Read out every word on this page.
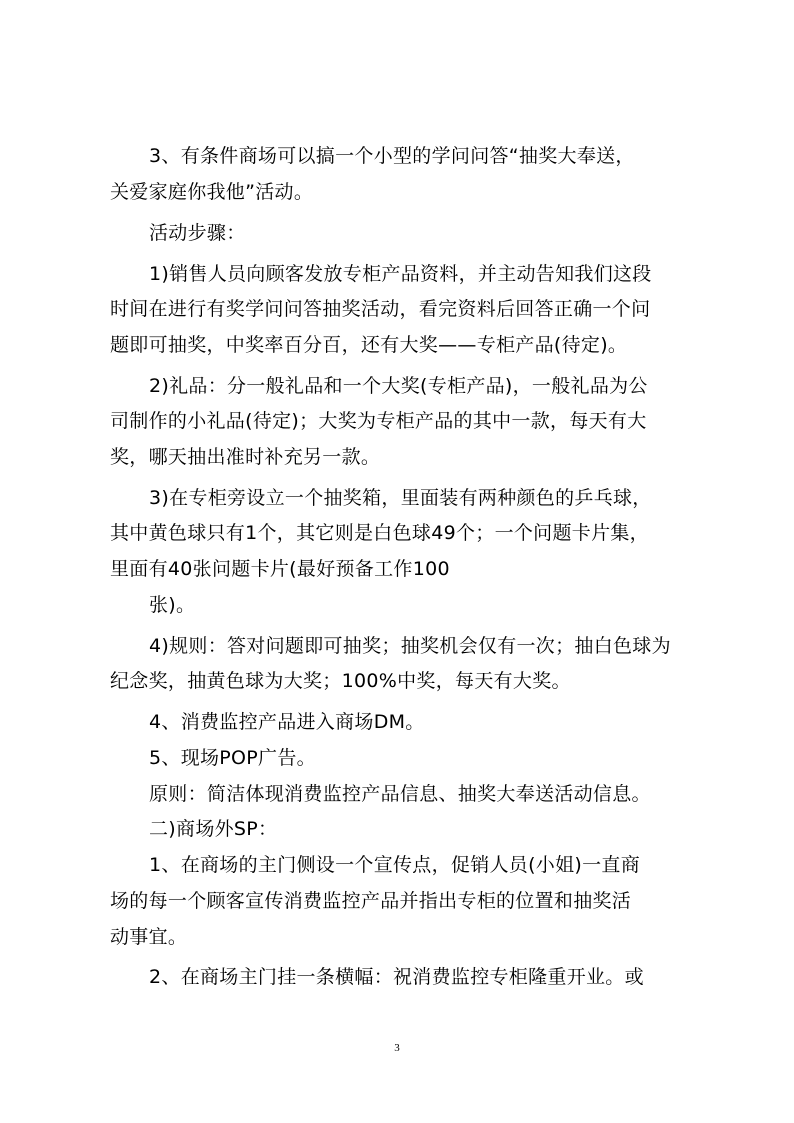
3、有条件商场可以搞一个小型的学问问答“抽奖大奉送，
关爱家庭你我他”活动。
活动步骤：
1)销售人员向顾客发放专柜产品资料，并主动告知我们这段
时间在进行有奖学问问答抽奖活动，看完资料后回答正确一个问
题即可抽奖，中奖率百分百，还有大奖——专柜产品(待定)。
2)礼品：分一般礼品和一个大奖(专柜产品)，一般礼品为公
司制作的小礼品(待定)；大奖为专柜产品的其中一款，每天有大
奖，哪天抽出准时补充另一款。
3)在专柜旁设立一个抽奖箱，里面装有两种颜色的乒乓球，
其中黄色球只有1个，其它则是白色球49个；一个问题卡片集，
里面有40张问题卡片(最好预备工作100
张)。
4)规则：答对问题即可抽奖；抽奖机会仅有一次；抽白色球为
纪念奖，抽黄色球为大奖；100%中奖，每天有大奖。
4、消费监控产品进入商场DM。
5、现场POP广告。
原则：简洁体现消费监控产品信息、抽奖大奉送活动信息。
二)商场外SP：
1、在商场的主门侧设一个宣传点，促销人员(小姐)一直商
场的每一个顾客宣传消费监控产品并指出专柜的位置和抽奖活
动事宜。
2、在商场主门挂一条横幅：祝消费监控专柜隆重开业。或
3
